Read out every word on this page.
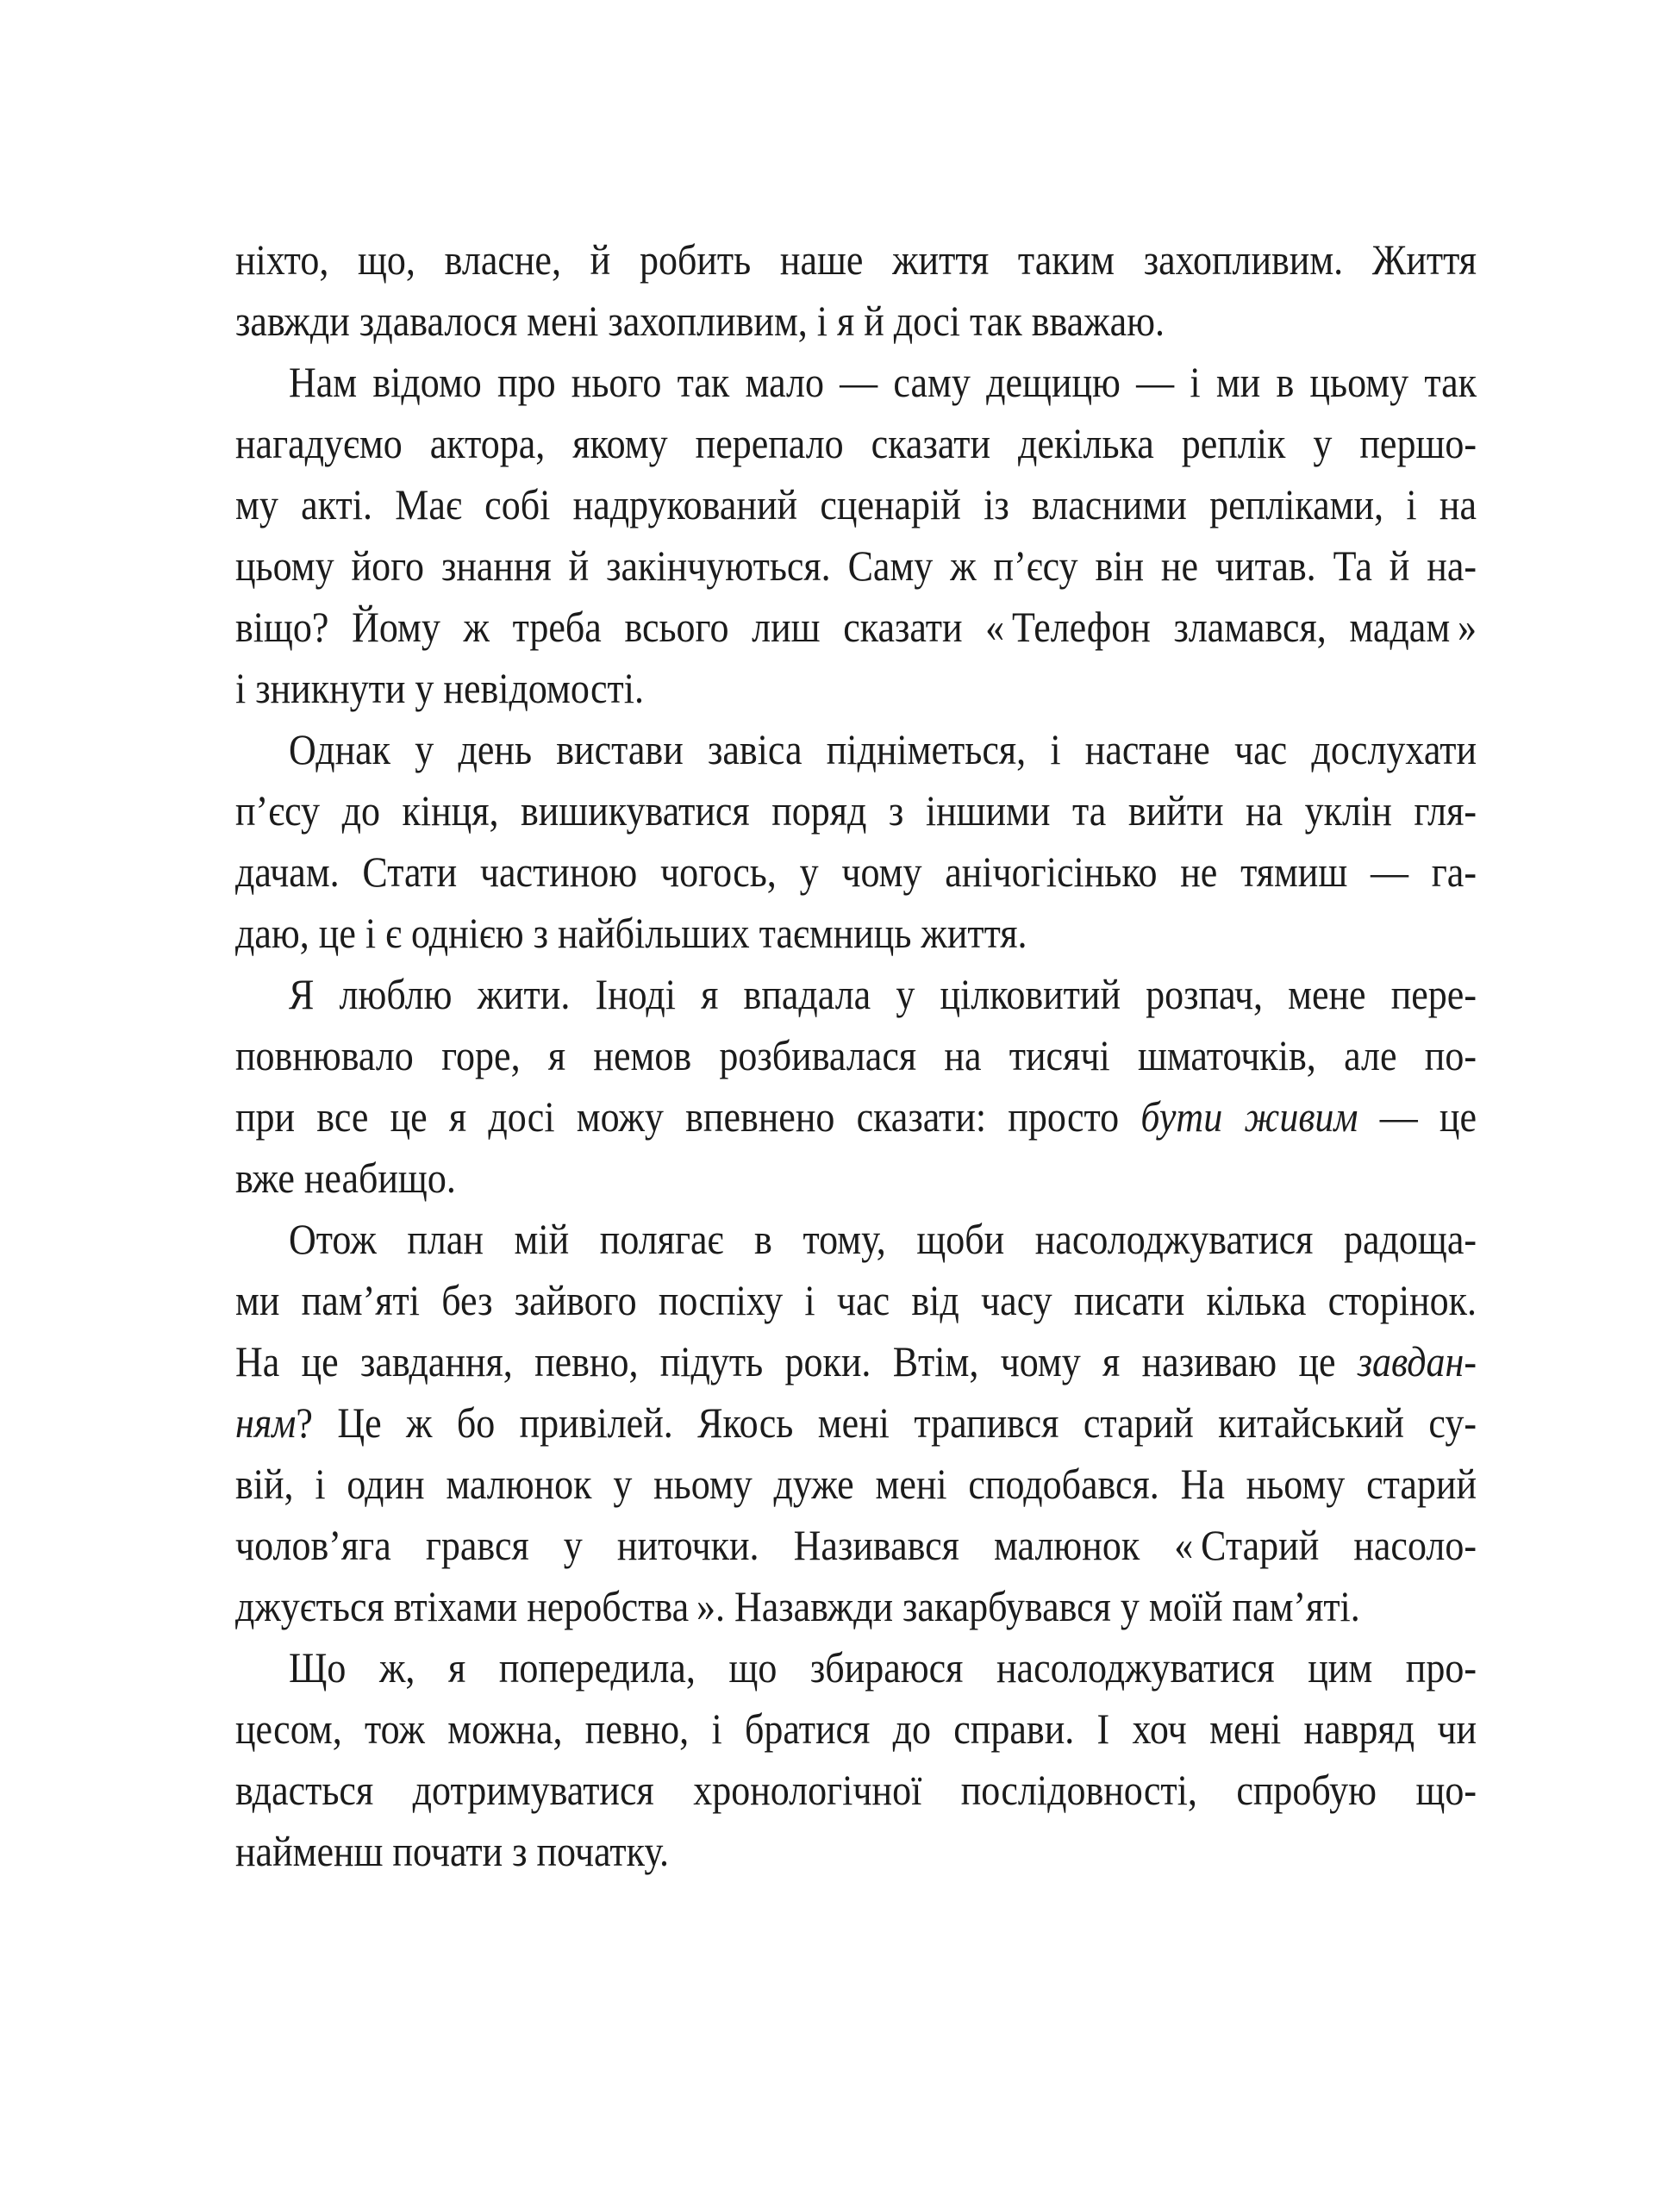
ніхто, що, власне, й робить наше життя таким захопливим. Життя
завжди здавалося мені захопливим, і я й досі так вважаю.
Нам відомо про нього так мало — саму дещицю — і ми в цьому так
нагадуємо актора, якому перепало сказати декілька реплік у першо-
му акті. Має собі надрукований сценарій із власними репліками, і на
цьому його знання й закінчуються. Саму ж п’єсу він не читав. Та й на-
віщо? Йому ж треба всього лиш сказати « Телефон зламався, мадам »
і зникнути у невідомості.
Однак у день вистави завіса підніметься, і настане час дослухати
п’єсу до кінця, вишикуватися поряд з іншими та вийти на уклін гля-
дачам. Стати частиною чогось, у чому анічогісінько не тямиш — га-
даю, це і є однією з найбільших таємниць життя.
Я люблю жити. Іноді я впадала у цілковитий розпач, мене пере-
повнювало горе, я немов розбивалася на тисячі шматочків, але по-
при все це я досі можу впевнено сказати: просто бути живим — це
вже неабищо.
Отож план мій полягає в тому, щоби насолоджуватися радоща-
ми пам’яті без зайвого поспіху і час від часу писати кілька сторінок.
На це завдання, певно, підуть роки. Втім, чому я називаю це завдан-
ням? Це ж бо привілей. Якось мені трапився старий китайський су-
вій, і один малюнок у ньому дуже мені сподобався. На ньому старий
чолов’яга грався у ниточки. Називався малюнок « Старий насоло-
джується втіхами неробства ». Назавжди закарбувався у моїй пам’яті.
Що ж, я попередила, що збираюся насолоджуватися цим про-
цесом, тож можна, певно, і братися до справи. І хоч мені навряд чи
вдасться дотримуватися хронологічної послідовності, спробую що-
найменш почати з початку.
